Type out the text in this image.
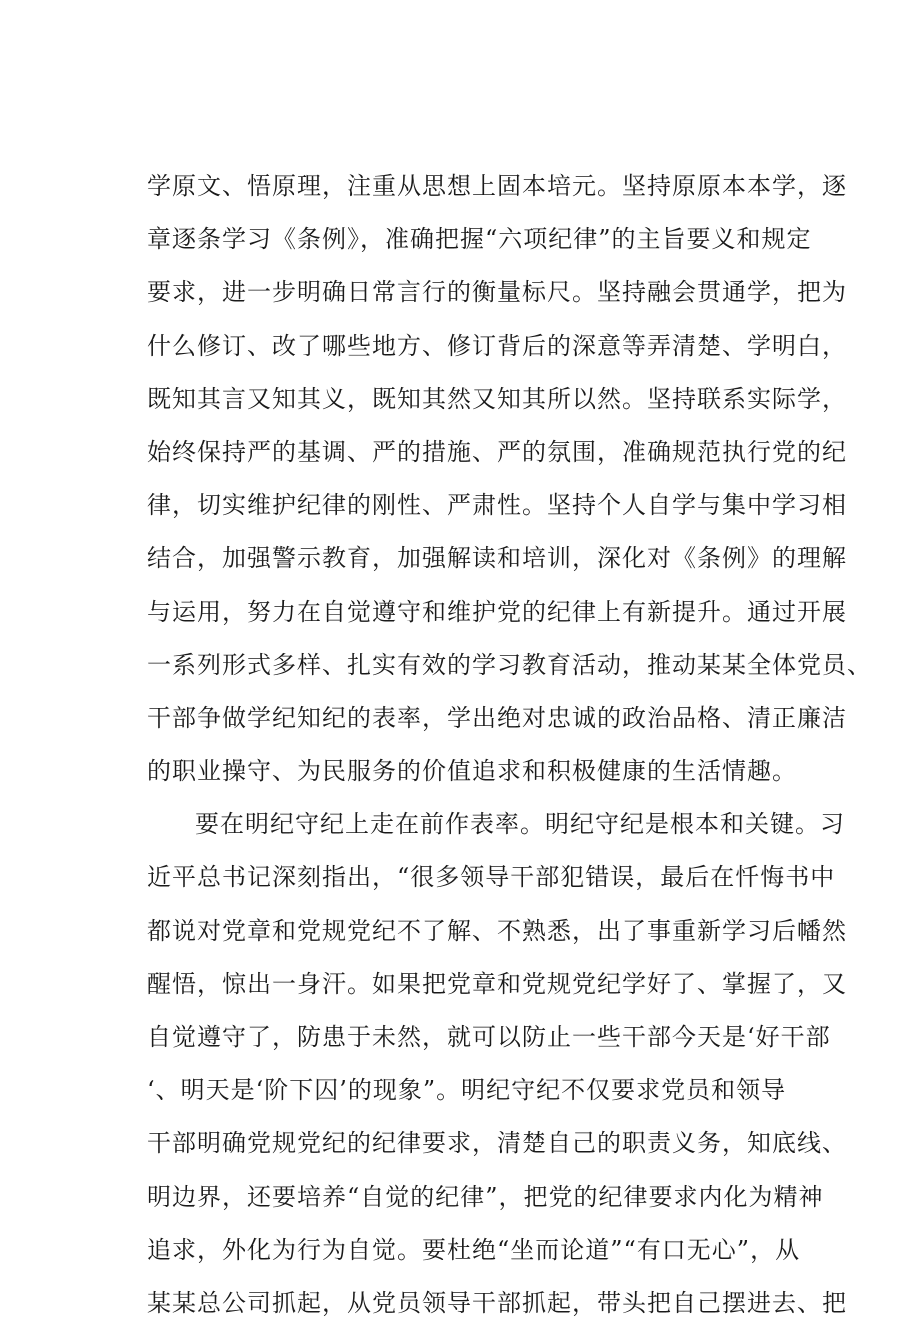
学原文、悟原理，注重从思想上固本培元。坚持原原本本学，逐
章逐条学习《条例》，准确把握“六项纪律”的主旨要义和规定
要求，进一步明确日常言行的衡量标尺。坚持融会贯通学，把为
什么修订、改了哪些地方、修订背后的深意等弄清楚、学明白，
既知其言又知其义，既知其然又知其所以然。坚持联系实际学，
始终保持严的基调、严的措施、严的氛围，准确规范执行党的纪
律，切实维护纪律的刚性、严肃性。坚持个人自学与集中学习相
结合，加强警示教育，加强解读和培训，深化对《条例》的理解
与运用，努力在自觉遵守和维护党的纪律上有新提升。通过开展
一系列形式多样、扎实有效的学习教育活动，推动某某全体党员、
干部争做学纪知纪的表率，学出绝对忠诚的政治品格、清正廉洁
的职业操守、为民服务的价值追求和积极健康的生活情趣。
要在明纪守纪上走在前作表率。明纪守纪是根本和关键。习
近平总书记深刻指出，“很多领导干部犯错误，最后在忏悔书中
都说对党章和党规党纪不了解、不熟悉，出了事重新学习后幡然
醒悟，惊出一身汗。如果把党章和党规党纪学好了、掌握了，又
自觉遵守了，防患于未然，就可以防止一些干部今天是‘好干部
‘、明天是‘阶下囚’的现象”。明纪守纪不仅要求党员和领导
干部明确党规党纪的纪律要求，清楚自己的职责义务，知底线、
明边界，还要培养“自觉的纪律”，把党的纪律要求内化为精神
追求，外化为行为自觉。要杜绝“坐而论道”“有口无心”，从
某某总公司抓起，从党员领导干部抓起，带头把自己摆进去、把
